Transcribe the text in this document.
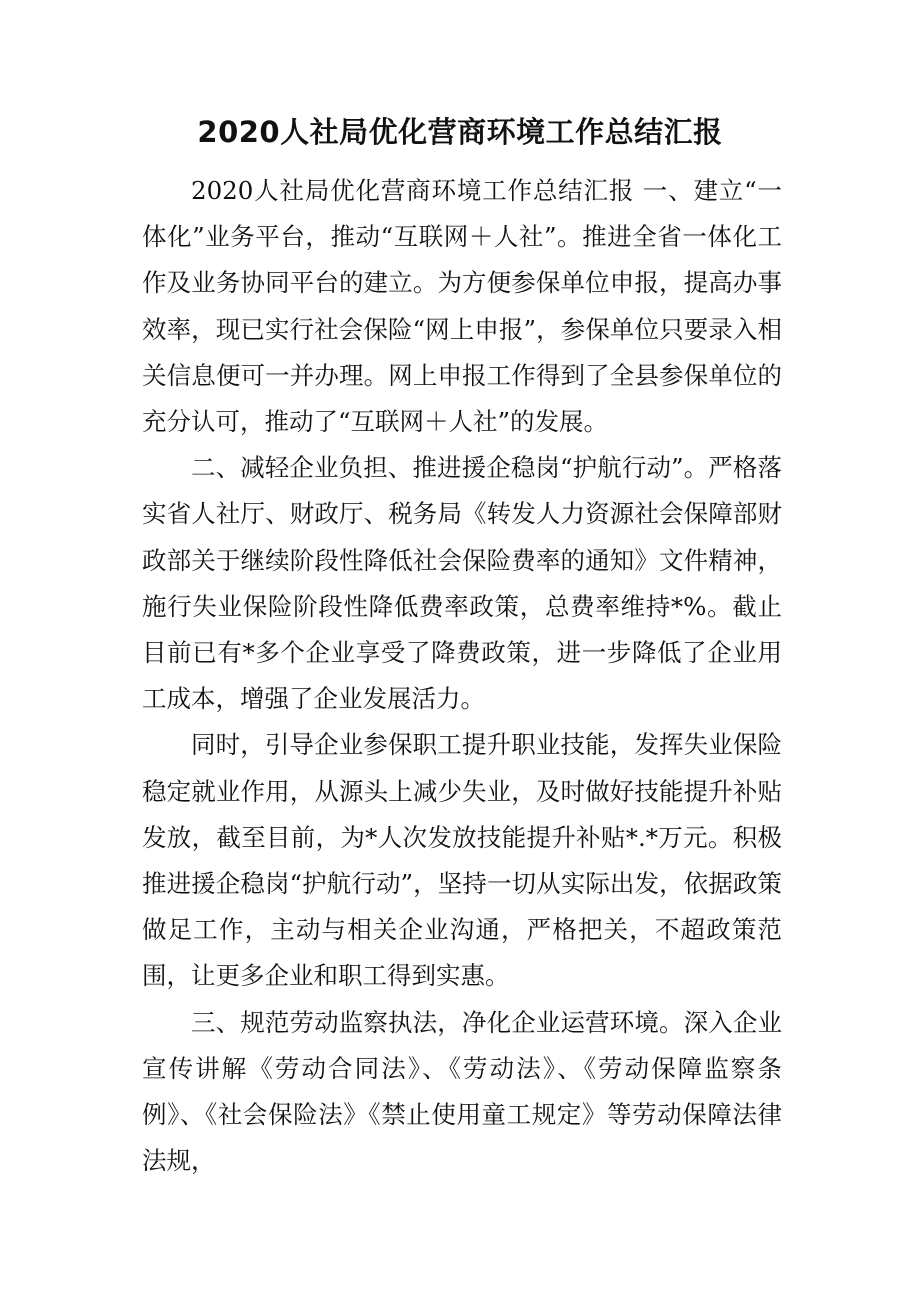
2020人社局优化营商环境工作总结汇报

2020人社局优化营商环境工作总结汇报 一、建立“一体化”业务平台，推动“互联网＋人社”。推进全省一体化工作及业务协同平台的建立。为方便参保单位申报，提高办事效率，现已实行社会保险“网上申报”，参保单位只要录入相关信息便可一并办理。网上申报工作得到了全县参保单位的充分认可，推动了“互联网＋人社”的发展。

二、减轻企业负担、推进援企稳岗“护航行动”。严格落实省人社厅、财政厅、税务局《转发人力资源社会保障部财政部关于继续阶段性降低社会保险费率的通知》文件精神，施行失业保险阶段性降低费率政策，总费率维持*%。截止目前已有*多个企业享受了降费政策，进一步降低了企业用工成本，增强了企业发展活力。

同时，引导企业参保职工提升职业技能，发挥失业保险稳定就业作用，从源头上减少失业，及时做好技能提升补贴发放，截至目前，为*人次发放技能提升补贴*.*万元。积极推进援企稳岗“护航行动”，坚持一切从实际出发，依据政策做足工作，主动与相关企业沟通，严格把关，不超政策范围，让更多企业和职工得到实惠。

三、规范劳动监察执法，净化企业运营环境。深入企业宣传讲解《劳动合同法》、《劳动法》、《劳动保障监察条例》、《社会保险法》《禁止使用童工规定》等劳动保障法律法规，
